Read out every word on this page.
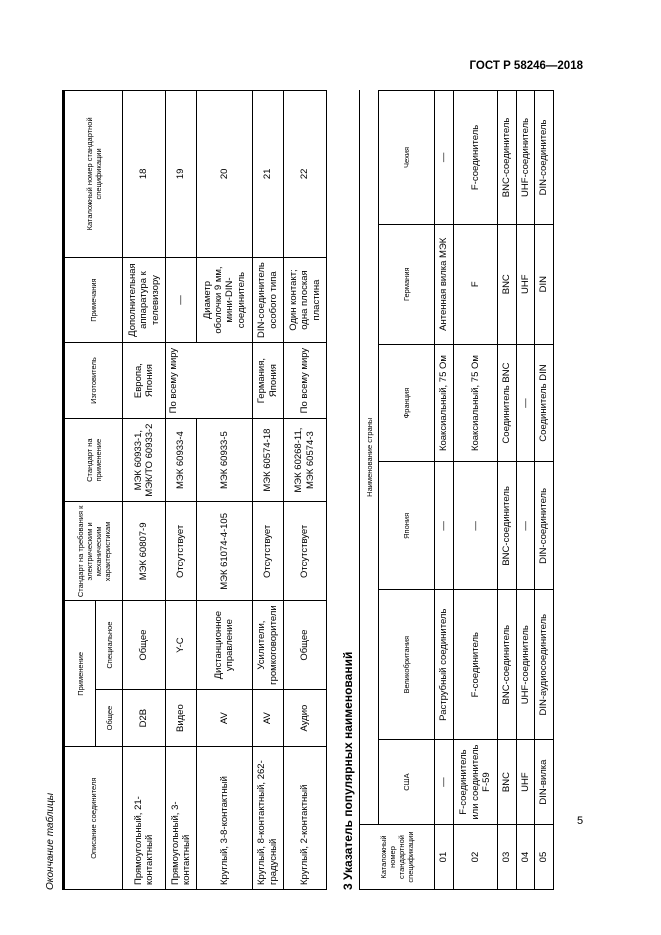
ГОСТ Р 58246—2018
5
Окончание таблицы	Описание соединителя	Применение		Стандарт на требования к электрическим и механическим характеристикам	Стандарт на применение	Изготовитель	Примечания	Каталожный номер стандартной спецификации
	Общее	Специальное					
Прямоугольный, 21-контактный	D2B	Общее	МЭК 60807-9	МЭК 60933-1, МЭК/ТО 60933-2	Европа, Япония	Дополнительная аппаратура к телевизору	18
Прямоугольный, 3-контактный	Видео	Y-C	Отсутствует	МЭК 60933-4	По всему миру	—	19
Круглый, 3-8-контактный	AV	Дистанционное управление	МЭК 61074-4-105	МЭК 60933-5		Диаметр оболочки 9 мм, мини-DIN-соединитель	20
Круглый, 8-контактный, 262-градусный	AV	Усилители, громкоговорители	Отсутствует	МЭК 60574-18	Германия, Япония	DIN-соединитель особого типа	21
Круглый, 2-контактный	Аудио	Общее	Отсутствует	МЭК 60268-11, МЭК 60574-3	По всему миру	Один контакт; одна плоская пластина	22
3 Указатель популярных наименований	Каталожный номер стандартной спецификации	Наименование страны					
	США	Великобритания	Япония	Франция	Германия	Чехия
01	—	Раструбный соединитель	—	Коаксиальный, 75 Ом	Антенная вилка МЭК	—
02	F-соединитель или соединитель F-59	F-соединитель	—	Коаксиальный, 75 Ом	F	F-соединитель
03	BNC	BNC-соединитель	BNC-соединитель	Соединитель BNC	BNC	BNC-соединитель
04	UHF	UHF-соединитель	—	—	UHF	UHF-соединитель
05	DIN-вилка	DIN-аудиосоединитель	DIN-соединитель	Соединитель DIN	DIN	DIN-соединитель
